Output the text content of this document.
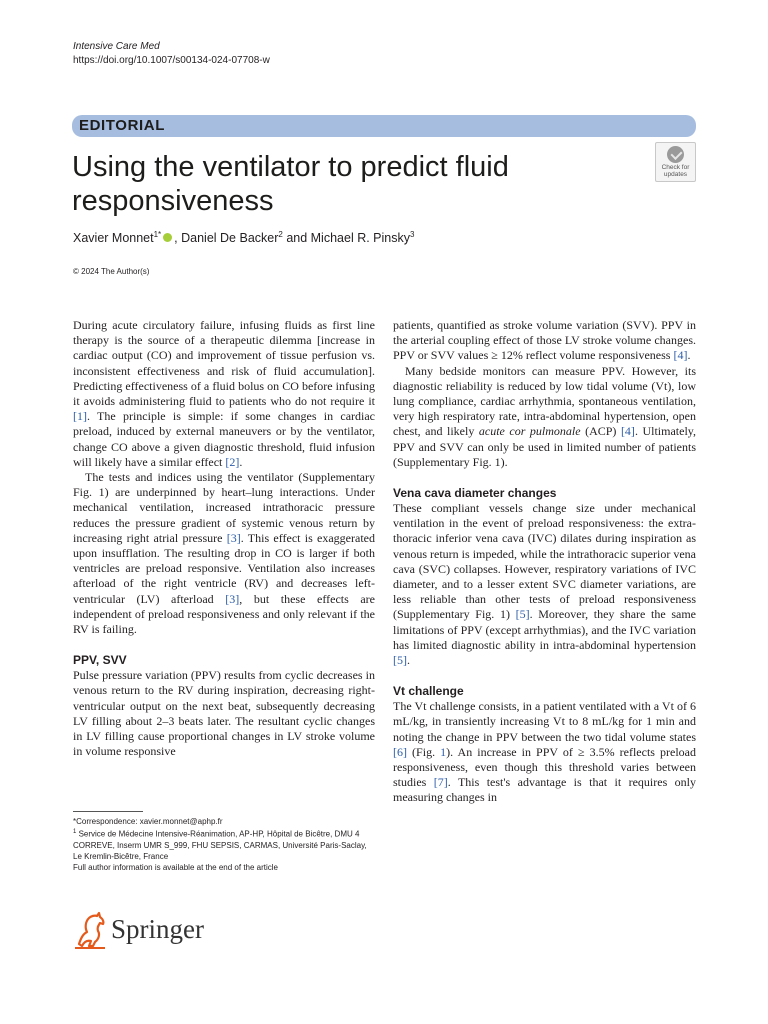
Intensive Care Med
https://doi.org/10.1007/s00134-024-07708-w
EDITORIAL
Using the ventilator to predict fluid responsiveness
Check for
updates
Xavier Monnet$^{1*}$ , Daniel De Backer$^2$ and Michael R. Pinsky$^3$
© 2024 The Author(s)

During acute circulatory failure, infusing fluids as first line therapy is the source of a therapeutic dilemma [increase in cardiac output (CO) and improvement of tissue perfusion vs. inconsistent effectiveness and risk of fluid accumulation]. Predicting effectiveness of a fluid bolus on CO before infusing it avoids administering fluid to patients who do not require it [1]. The principle is simple: if some changes in cardiac preload, induced by external maneuvers or by the ventilator, change CO above a given diagnostic threshold, fluid infusion will likely have a similar effect [2].

The tests and indices using the ventilator (Supplementary Fig. 1) are underpinned by heart–lung interactions. Under mechanical ventilation, increased intrathoracic pressure reduces the pressure gradient of systemic venous return by increasing right atrial pressure [3]. This effect is exaggerated upon insufflation. The resulting drop in CO is larger if both ventricles are preload responsive. Ventilation also increases afterload of the right ventricle (RV) and decreases left-ventricular (LV) afterload [3], but these effects are independent of preload responsiveness and only relevant if the RV is failing.

PPV, SVV

Pulse pressure variation (PPV) results from cyclic decreases in venous return to the RV during inspiration, decreasing right-ventricular output on the next beat, subsequently decreasing LV filling about 2–3 beats later. The resultant cyclic changes in LV filling cause proportional changes in LV stroke volume in volume responsive

patients, quantified as stroke volume variation (SVV). PPV in the arterial coupling effect of those LV stroke volume changes. PPV or SVV values ≥ 12% reflect volume responsiveness [4].

Many bedside monitors can measure PPV. However, its diagnostic reliability is reduced by low tidal volume (Vt), low lung compliance, cardiac arrhythmia, spontaneous ventilation, very high respiratory rate, intra-abdominal hypertension, open chest, and likely acute cor pulmonale (ACP) [4]. Ultimately, PPV and SVV can only be used in limited number of patients (Supplementary Fig. 1).

Vena cava diameter changes

These compliant vessels change size under mechanical ventilation in the event of preload responsiveness: the extra-thoracic inferior vena cava (IVC) dilates during inspiration as venous return is impeded, while the intrathoracic superior vena cava (SVC) collapses. However, respiratory variations of IVC diameter, and to a lesser extent SVC diameter variations, are less reliable than other tests of preload responsiveness (Supplementary Fig. 1) [5]. Moreover, they share the same limitations of PPV (except arrhythmias), and the IVC variation has limited diagnostic ability in intra-abdominal hypertension [5].

Vt challenge

The Vt challenge consists, in a patient ventilated with a Vt of 6 mL/kg, in transiently increasing Vt to 8 mL/kg for 1 min and noting the change in PPV between the two tidal volume states [6] (Fig. 1). An increase in PPV of ≥ 3.5% reflects preload responsiveness, even though this threshold varies between studies [7]. This test's advantage is that it requires only measuring changes in

*Correspondence: xavier.monnet@aphp.fr

$^1$ Service de Médecine Intensive-Réanimation, AP-HP, Hôpital de Bicêtre, DMU 4 CORREVE, Inserm UMR S_999, FHU SEPSIS, CARMAS, Université Paris-Saclay, Le Kremlin-Bicêtre, France

Full author information is available at the end of the article

Springer
